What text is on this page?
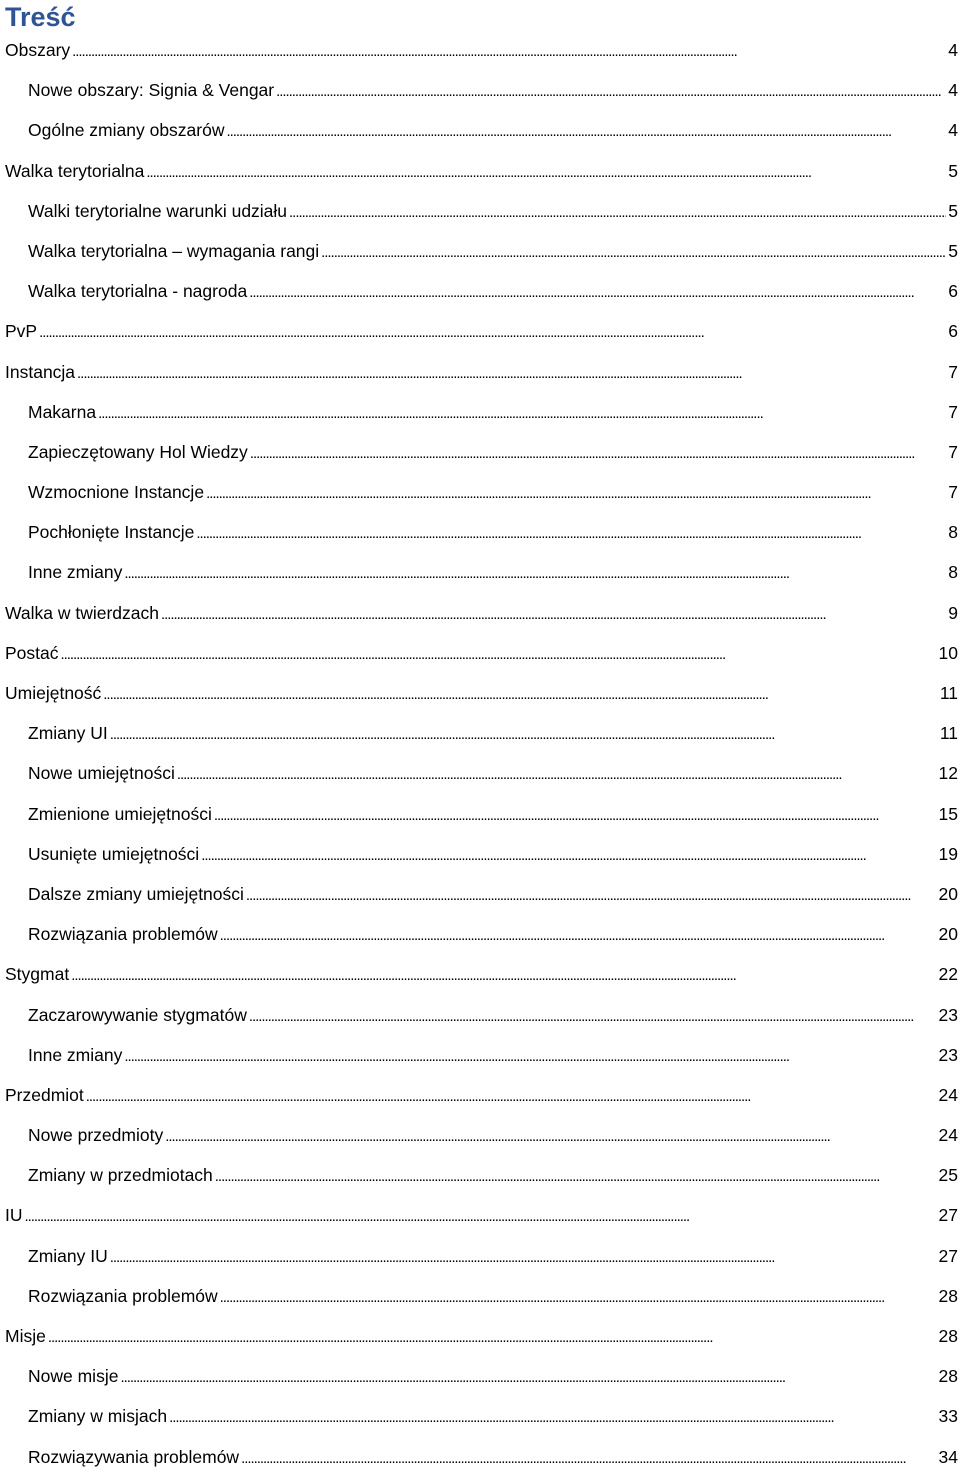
Treść
Obszary . . .	4
Nowe obszary: Signia & Vengar . . .	4
Ogólne zmiany obszarów . . .	4
Walka terytorialna . . .	5
Walki terytorialne warunki udziału . . .	5
Walka terytorialna – wymagania rangi . . .	5
Walka terytorialna - nagroda . . .	6
PvP . . .	6
Instancja . . .	7
Makarna . . .	7
Zapieczętowany Hol Wiedzy . . .	7
Wzmocnione Instancje . . .	7
Pochłonięte Instancje . . .	8
Inne zmiany . . .	8
Walka w twierdzach . . .	9
Postać . . .	10
Umiejętność . . .	11
Zmiany UI . . .	11
Nowe umiejętności . . .	12
Zmienione umiejętności . . .	15
Usunięte umiejętności . . .	19
Dalsze zmiany umiejętności . . .	20
Rozwiązania problemów . . .	20
Stygmat . . .	22
Zaczarowywanie stygmatów . . .	23
Inne zmiany . . .	23
Przedmiot . . .	24
Nowe przedmioty . . .	24
Zmiany w przedmiotach . . .	25
IU . . .	27
Zmiany IU . . .	27
Rozwiązania problemów . . .	28
Misje . . .	28
Nowe misje . . .	28
Zmiany w misjach . . .	33
Rozwiązywania problemów . . .	34
